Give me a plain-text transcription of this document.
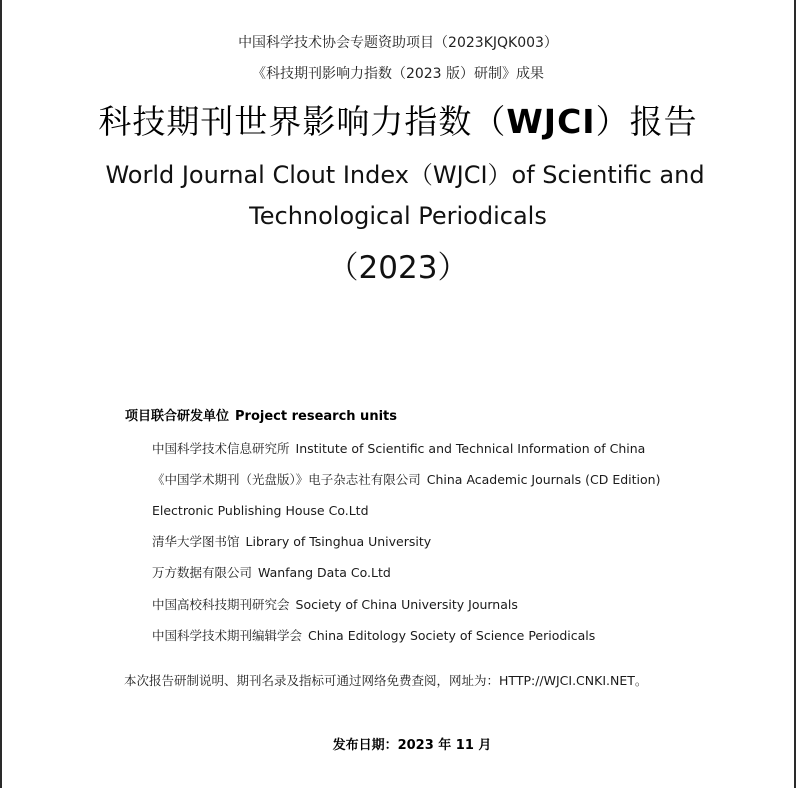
中国科学技术协会专题资助项目（2023KJQK003）
《科技期刊影响力指数（2023 版）研制》成果
科技期刊世界影响力指数（WJCI）报告
World Journal Clout Index（WJCI）of Scientific and
Technological Periodicals
（2023）
项目联合研发单位 Project research units
中国科学技术信息研究所 Institute of Scientific and Technical Information of China
《中国学术期刊（光盘版）》电子杂志社有限公司 China Academic Journals (CD Edition)
Electronic Publishing House Co.Ltd
清华大学图书馆 Library of Tsinghua University
万方数据有限公司 Wanfang Data Co.Ltd
中国高校科技期刊研究会 Society of China University Journals
中国科学技术期刊编辑学会 China Editology Society of Science Periodicals
本次报告研制说明、期刊名录及指标可通过网络免费查阅，网址为：HTTP://WJCI.CNKI.NET。
发布日期：2023 年 11 月
